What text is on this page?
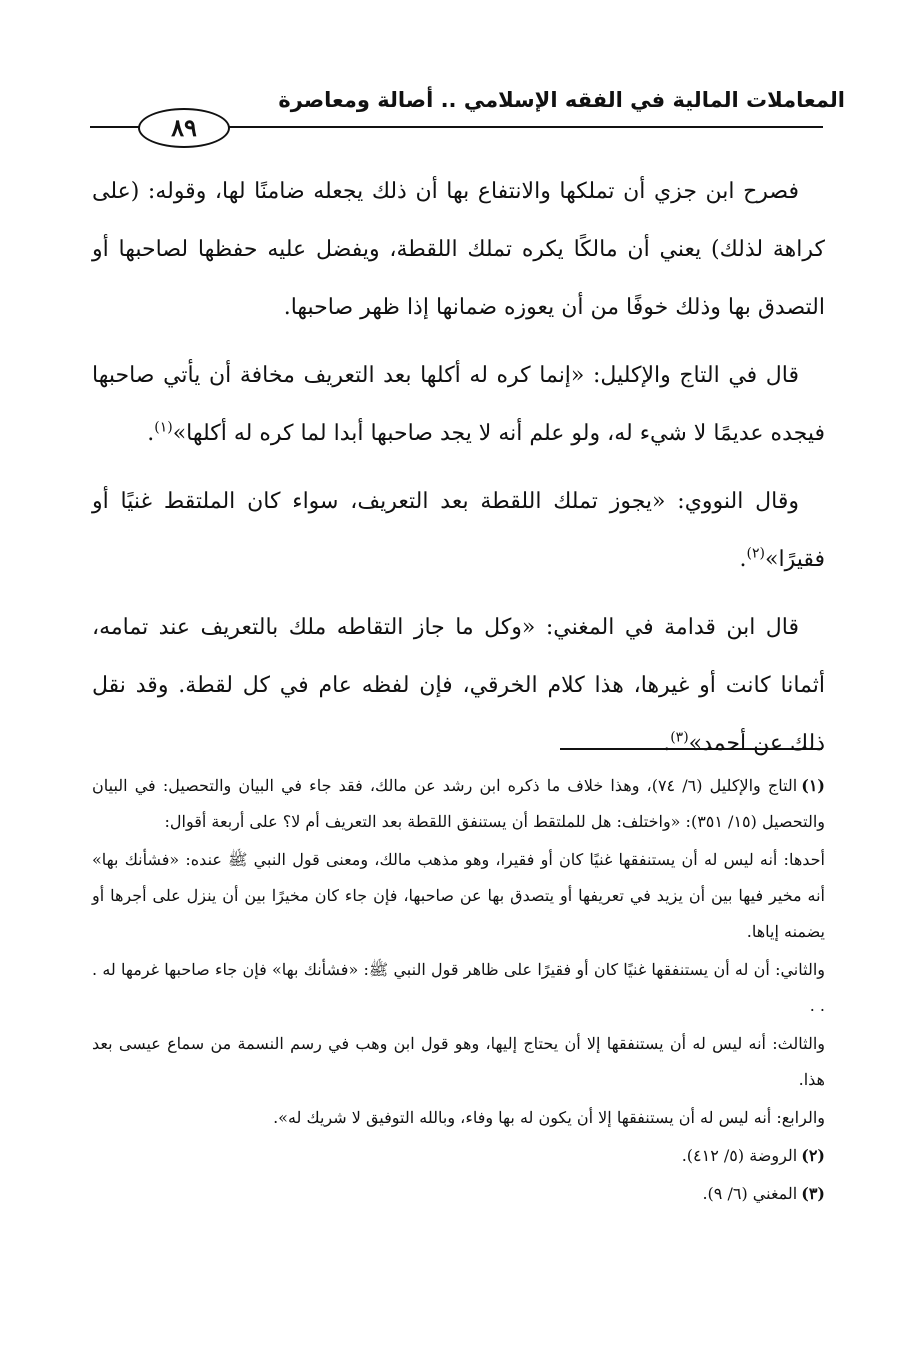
المعاملات المالية في الفقه الإسلامي .. أصالة ومعاصرة
٨٩

فصرح ابن جزي أن تملكها والانتفاع بها أن ذلك يجعله ضامنًا لها، وقوله: (على كراهة لذلك) يعني أن مالكًا يكره تملك اللقطة، ويفضل عليه حفظها لصاحبها أو التصدق بها وذلك خوفًا من أن يعوزه ضمانها إذا ظهر صاحبها.

قال في التاج والإكليل: «إنما كره له أكلها بعد التعريف مخافة أن يأتي صاحبها فيجده عديمًا لا شيء له، ولو علم أنه لا يجد صاحبها أبدا لما كره له أكلها»$^{(١)}$.

وقال النووي: «يجوز تملك اللقطة بعد التعريف، سواء كان الملتقط غنيًا أو فقيرًا»$^{(٢)}$.

قال ابن قدامة في المغني: «وكل ما جاز التقاطه ملك بالتعريف عند تمامه، أثمانا كانت أو غيرها، هذا كلام الخرقي، فإن لفظه عام في كل لقطة. وقد نقل ذلك عن أحمد»$^{(٣)}$.

(١)التاج والإكليل (٦/ ٧٤)، وهذا خلاف ما ذكره ابن رشد عن مالك، فقد جاء في البيان والتحصيل: في البيان والتحصيل (١٥/ ٣٥١): «واختلف: هل للملتقط أن يستنفق اللقطة بعد التعريف أم لا؟ على أربعة أقوال:

أحدها: أنه ليس له أن يستنفقها غنيًا كان أو فقيرا، وهو مذهب مالك، ومعنى قول النبي ﷺ عنده: «فشأنك بها» أنه مخير فيها بين أن يزيد في تعريفها أو يتصدق بها عن صاحبها، فإن جاء كان مخيرًا بين أن ينزل على أجرها أو يضمنه إياها.

والثاني: أن له أن يستنفقها غنيًا كان أو فقيرًا على ظاهر قول النبي ﷺ: «فشأنك بها» فإن جاء صاحبها غرمها له . . .

والثالث: أنه ليس له أن يستنفقها إلا أن يحتاج إليها، وهو قول ابن وهب في رسم النسمة من سماع عيسى بعد هذا.

والرابع: أنه ليس له أن يستنفقها إلا أن يكون له بها وفاء، وبالله التوفيق لا شريك له».

(٢)الروضة (٥/ ٤١٢).

(٣)المغني (٦/ ٩).
